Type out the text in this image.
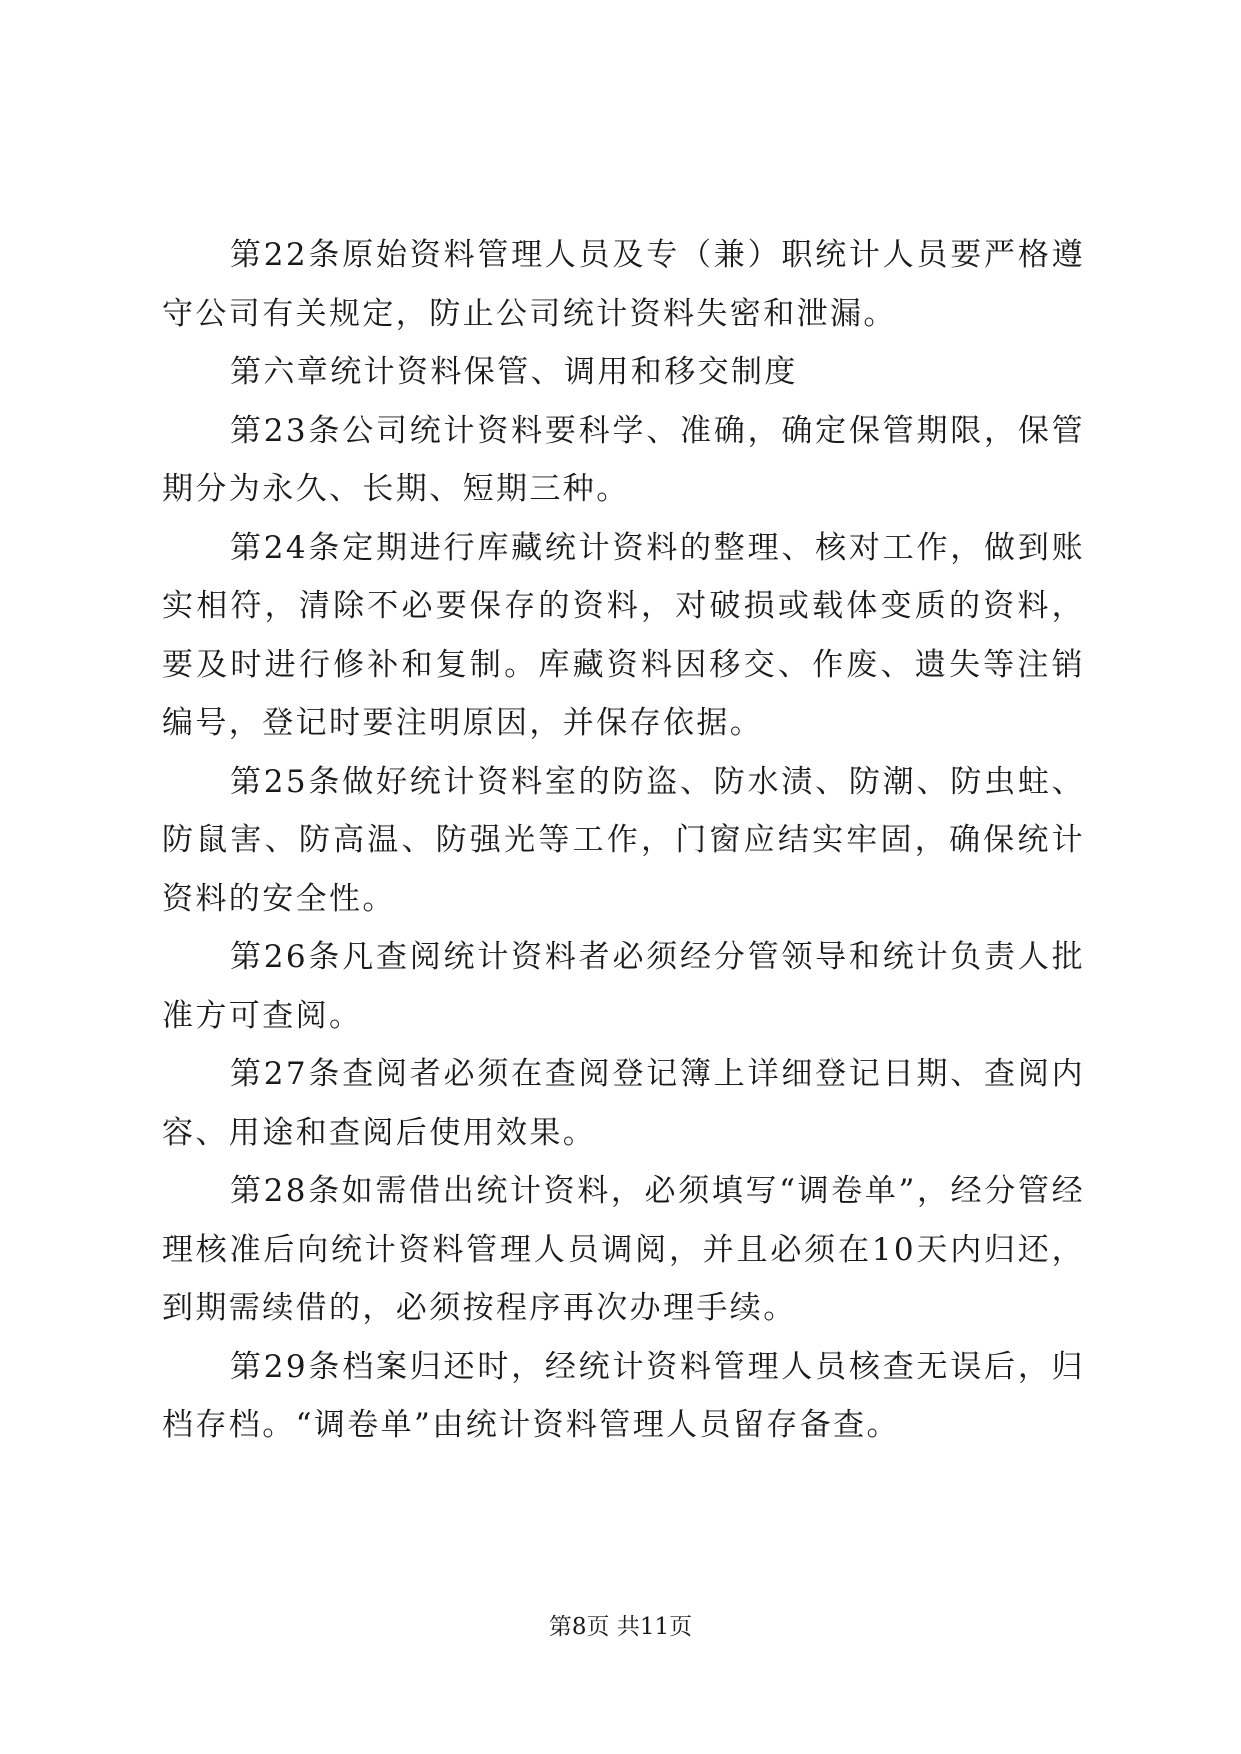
第22条原始资料管理人员及专（兼）职统计人员要严格遵守公司有关规定，防止公司统计资料失密和泄漏。

第六章统计资料保管、调用和移交制度

第23条公司统计资料要科学、准确，确定保管期限，保管期分为永久、长期、短期三种。

第24条定期进行库藏统计资料的整理、核对工作，做到账实相符，清除不必要保存的资料，对破损或载体变质的资料，要及时进行修补和复制。库藏资料因移交、作废、遗失等注销编号，登记时要注明原因，并保存依据。

第25条做好统计资料室的防盗、防水渍、防潮、防虫蛀、防鼠害、防高温、防强光等工作，门窗应结实牢固，确保统计资料的安全性。

第26条凡查阅统计资料者必须经分管领导和统计负责人批准方可查阅。

第27条查阅者必须在查阅登记簿上详细登记日期、查阅内容、用途和查阅后使用效果。

第28条如需借出统计资料，必须填写“调卷单”，经分管经理核准后向统计资料管理人员调阅，并且必须在10天内归还，到期需续借的，必须按程序再次办理手续。

第29条档案归还时，经统计资料管理人员核查无误后，归档存档。“调卷单”由统计资料管理人员留存备查。

第8页 共11页
